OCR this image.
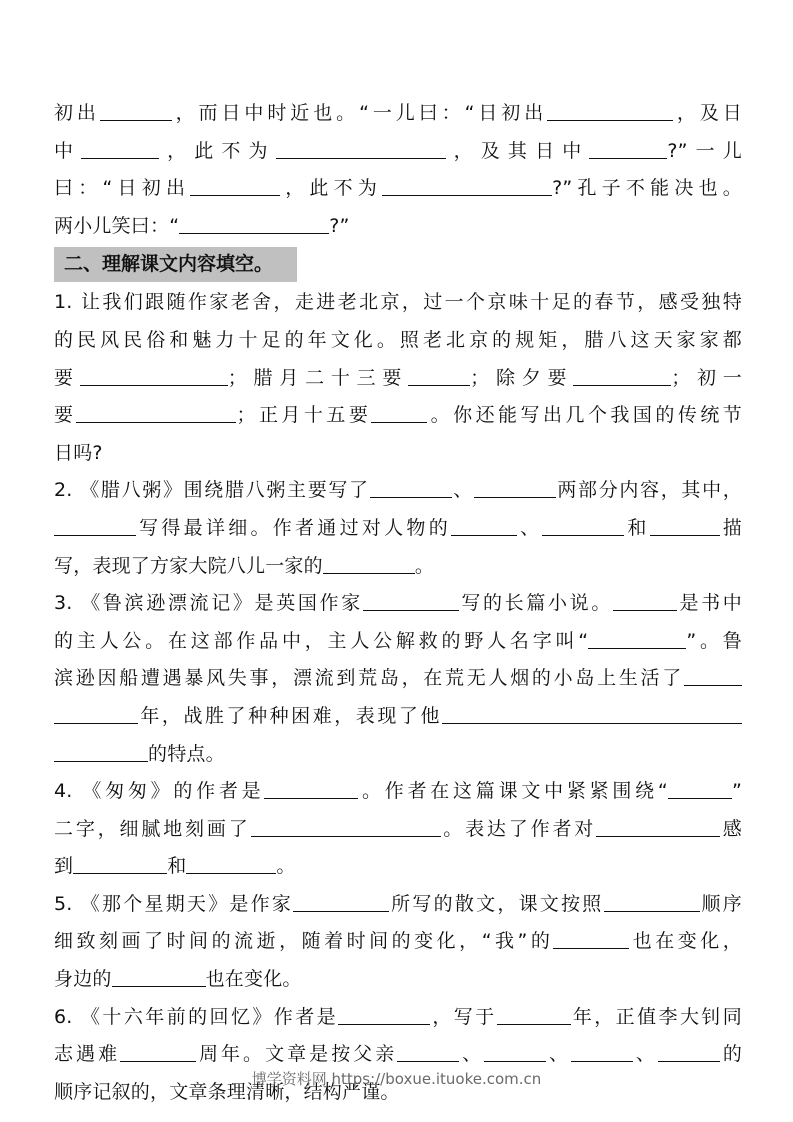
初出	，而日中时近也。“一儿曰：“日初出	，及日
中	，此不为	，及其日中	?”一儿
曰：“日初出	，此不为	?”孔子不能决也。
两小儿笑曰：“	?”
二、理解课文内容填空。
1. 让我们跟随作家老舍，走进老北京，过一个京味十足的春节，感受独特
的民风民俗和魅力十足的年文化。照老北京的规矩，腊八这天家家都
要	；腊月二十三要	；除夕要	；初一
要	；正月十五要	。你还能写出几个我国的传统节
日吗?
2. 《腊八粥》围绕腊八粥主要写了	、	两部分内容，其中，
写得最详细。作者通过对人物的	、	和	描
写，表现了方家大院八儿一家的	。
3. 《鲁滨逊漂流记》是英国作家	写的长篇小说。	是书中
的主人公。在这部作品中，主人公解救的野人名字叫“	”。鲁
滨逊因船遭遇暴风失事，漂流到荒岛，在荒无人烟的小岛上生活了
年，战胜了种种困难，表现了他
的特点。
4. 《匆匆》的作者是	。作者在这篇课文中紧紧围绕“	”
二字，细腻地刻画了	。表达了作者对	感
到	和	。
5. 《那个星期天》是作家	所写的散文，课文按照	顺序
细致刻画了时间的流逝，随着时间的变化，“我”的	也在变化，
身边的	也在变化。
6. 《十六年前的回忆》作者是	，写于	年，正值李大钊同
志遇难	周年。文章是按父亲	、	、	、	的
顺序记叙的，文章条理清晰，结构严谨。
博学资料网 https://boxue.ituoke.com.cn
